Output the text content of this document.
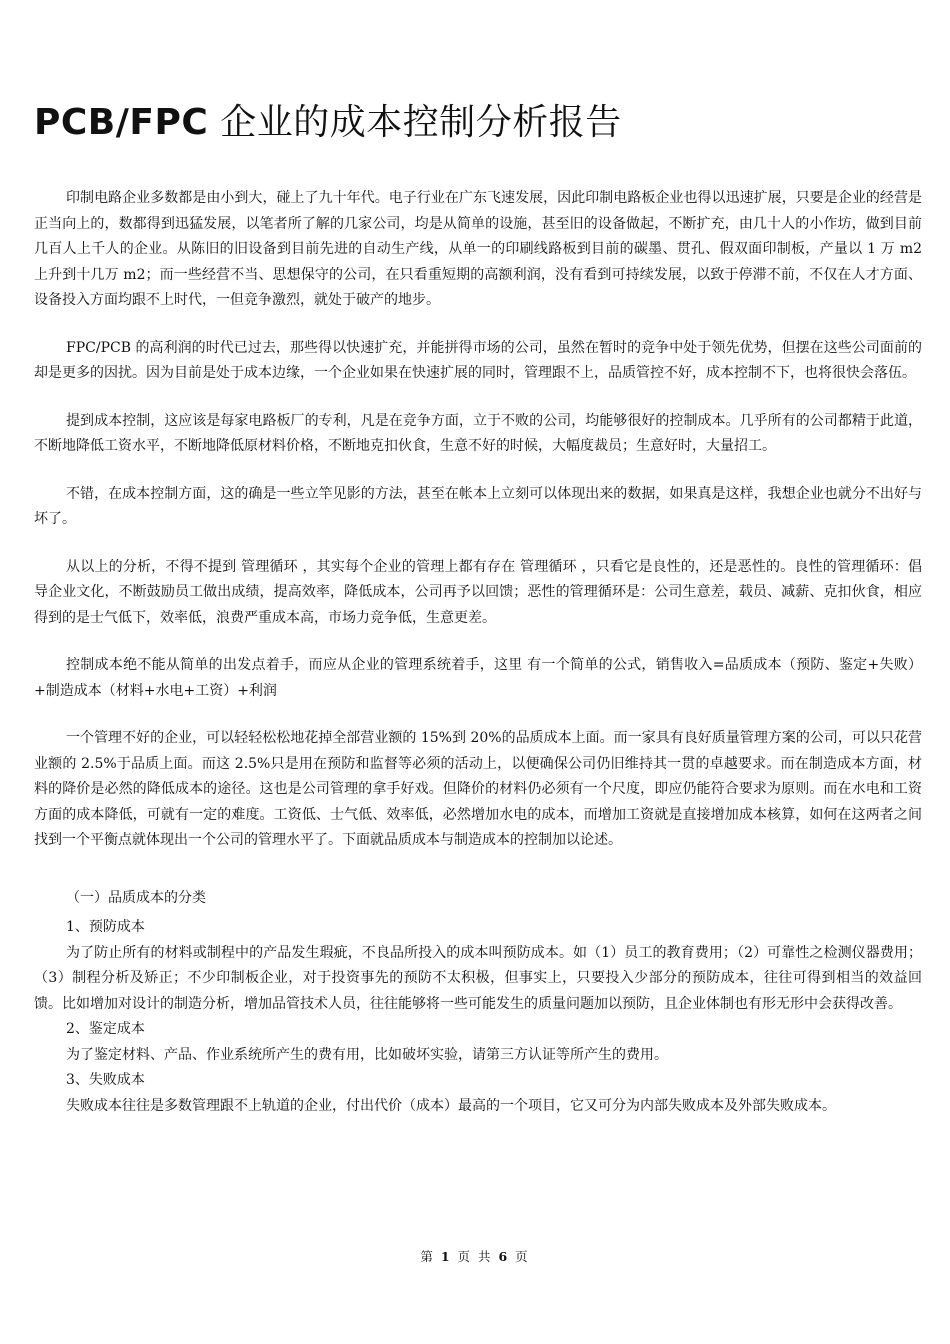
PCB/FPC 企业的成本控制分析报告

印制电路企业多数都是由小到大，碰上了九十年代。电子行业在广东飞速发展，因此印制电路板企业也得以迅速扩展，只要是企业的经营是正当向上的，数都得到迅猛发展，以笔者所了解的几家公司，均是从简单的设施，甚至旧的设备做起，不断扩充，由几十人的小作坊，做到目前几百人上千人的企业。从陈旧的旧设备到目前先进的自动生产线，从单一的印刷线路板到目前的碳墨、贯孔、假双面印制板，产量以 1 万 m2 上升到十几万 m2；而一些经营不当、思想保守的公司，在只看重短期的高额利润，没有看到可持续发展，以致于停滞不前，不仅在人才方面、设备投入方面均跟不上时代，一但竞争激烈，就处于破产的地步。

FPC/PCB 的高利润的时代已过去，那些得以快速扩充，并能拼得市场的公司，虽然在暂时的竞争中处于领先优势，但摆在这些公司面前的却是更多的因扰。因为目前是处于成本边缘，一个企业如果在快速扩展的同时，管理跟不上，品质管控不好，成本控制不下，也将很快会落伍。

提到成本控制，这应该是每家电路板厂的专利，凡是在竞争方面，立于不败的公司，均能够很好的控制成本。几乎所有的公司都精于此道，不断地降低工资水平，不断地降低原材料价格，不断地克扣伙食，生意不好的时候，大幅度裁员；生意好时，大量招工。

不错，在成本控制方面，这的确是一些立竿见影的方法，甚至在帐本上立刻可以体现出来的数据，如果真是这样，我想企业也就分不出好与坏了。

从以上的分析，不得不提到 管理循环 ，其实每个企业的管理上都有存在 管理循环 ，只看它是良性的，还是恶性的。良性的管理循环：倡导企业文化，不断鼓励员工做出成绩，提高效率，降低成本，公司再予以回馈；恶性的管理循环是：公司生意差，载员、减薪、克扣伙食，相应得到的是士气低下，效率低，浪费严重成本高，市场力竞争低，生意更差。

控制成本绝不能从简单的出发点着手，而应从企业的管理系统着手，这里 有一个简单的公式，销售收入=品质成本（预防、鉴定+失败）+制造成本（材料+水电+工资）+利润

一个管理不好的企业，可以轻轻松松地花掉全部营业额的 15%到 20%的品质成本上面。而一家具有良好质量管理方案的公司，可以只花营业额的 2.5%于品质上面。而这 2.5%只是用在预防和监督等必须的活动上，以便确保公司仍旧维持其一贯的卓越要求。而在制造成本方面，材料的降价是必然的降低成本的途径。这也是公司管理的拿手好戏。但降价的材料仍必须有一个尺度，即应仍能符合要求为原则。而在水电和工资方面的成本降低，可就有一定的难度。工资低、士气低、效率低，必然增加水电的成本，而增加工资就是直接增加成本核算，如何在这两者之间找到一个平衡点就体现出一个公司的管理水平了。下面就品质成本与制造成本的控制加以论述。

（一）品质成本的分类

1、预防成本

为了防止所有的材料或制程中的产品发生瑕疵，不良品所投入的成本叫预防成本。如（1）员工的教育费用；（2）可靠性之检测仪器费用；（3）制程分析及矫正；不少印制板企业，对于投资事先的预防不太积极，但事实上，只要投入少部分的预防成本，往往可得到相当的效益回馈。比如增加对设计的制造分析，增加品管技术人员，往往能够将一些可能发生的质量问题加以预防，且企业体制也有形无形中会获得改善。

2、鉴定成本

为了鉴定材料、产品、作业系统所产生的费有用，比如破坏实验，请第三方认证等所产生的费用。

3、失败成本

失败成本往往是多数管理跟不上轨道的企业，付出代价（成本）最高的一个项目，它又可分为内部失败成本及外部失败成本。

第 1 页 共 6 页
